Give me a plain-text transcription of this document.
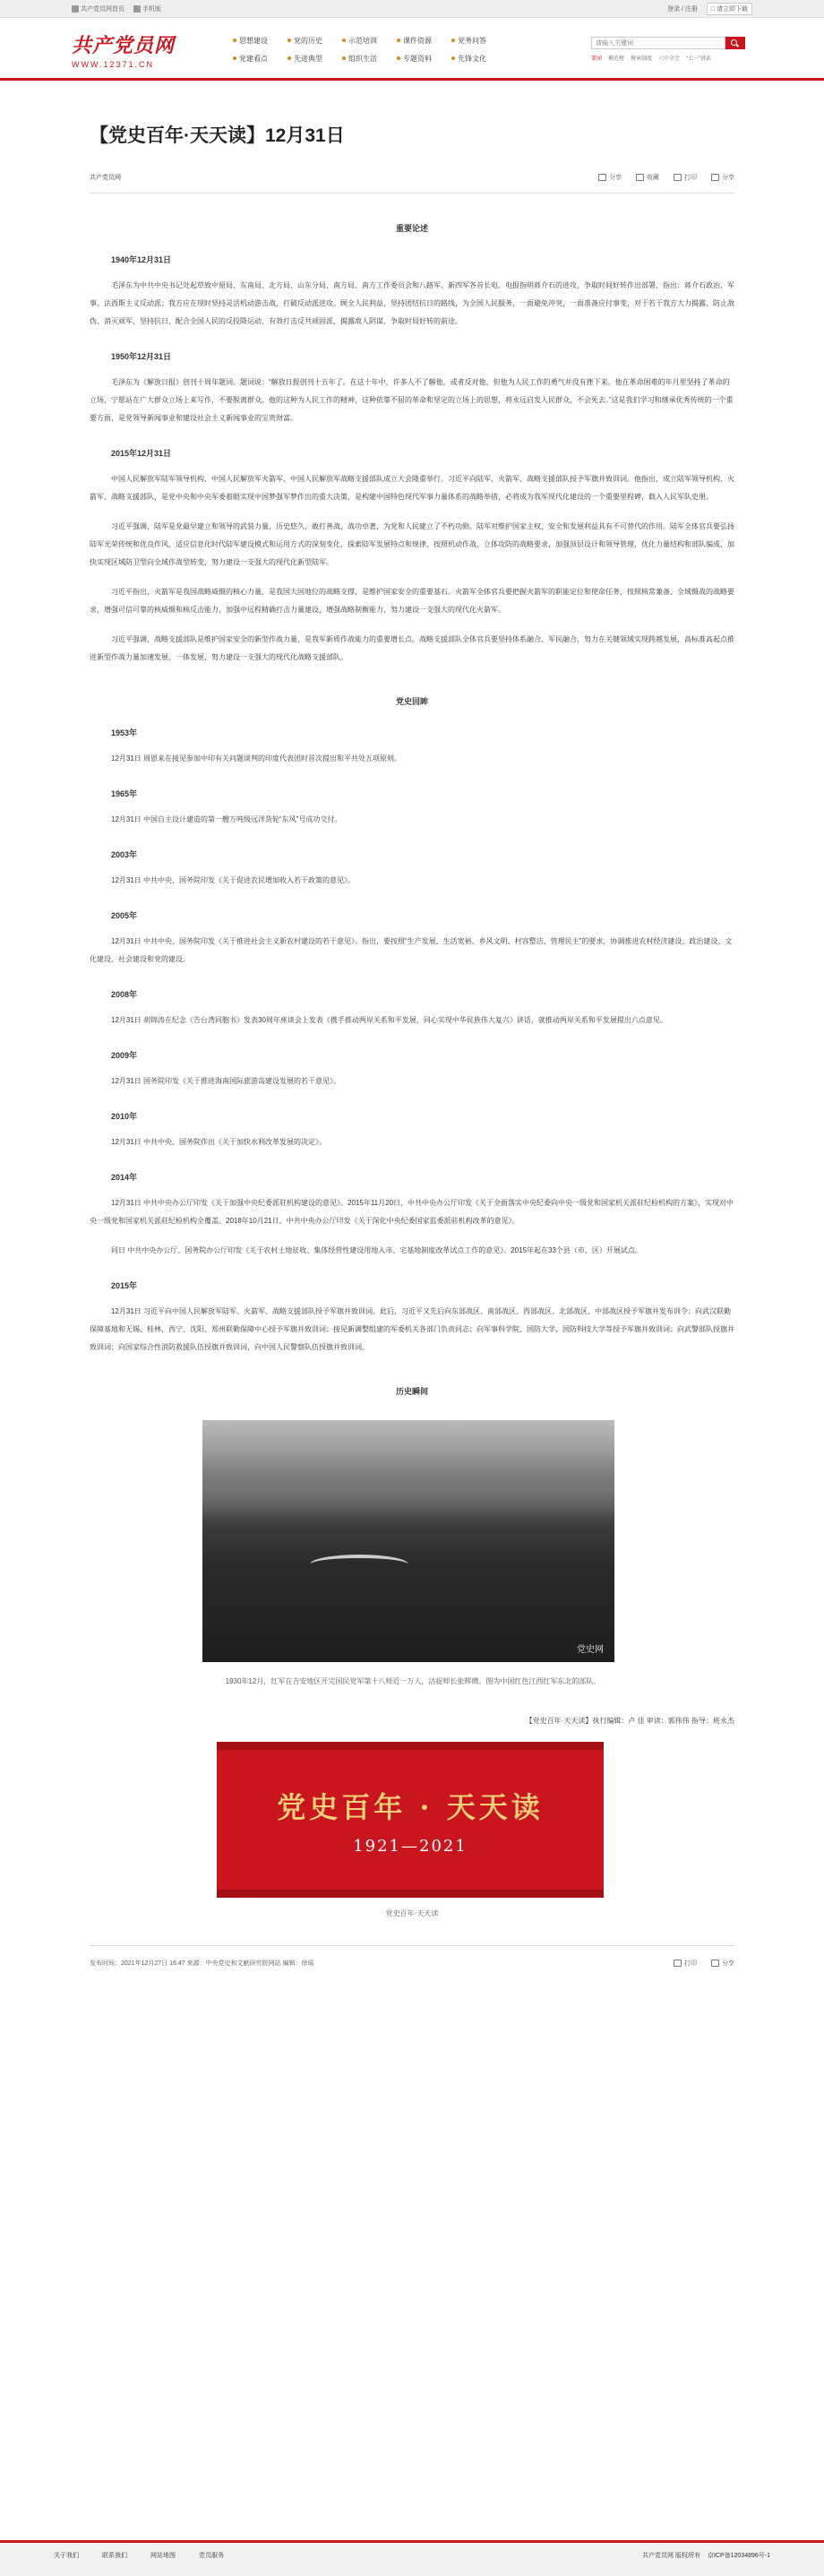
共产党员网首页	手机版	登录 / 注册	□ 请立即下载
共产党员网
WWW.12371.CN
思想建设	党的历史	示范培训	课件资源	党务问答
党建看点	先进典型	组织生活	专题资料	先锋文化
请输入关键词	要闻 模范榜 规章制度 六中全会 “七一”讲话
【党史百年·天天读】12月31日
共产党员网	分享	收藏	打印	分享
重要论述
1940年12月31日
毛泽东为中共中央书记处起草致中原局、东南局、北方局、山东分局、南方局、南方工作委员会和八路军、新四军各首长电。电报指明蒋介石的进攻，争取时间好转作出部署，指出：蒋介石政治、军事、法西斯主义反动派；我方应在现时坚持灵活机动游击战，打破反动派进攻。顾全人民利益，坚持团结抗日的路线，为全国人民服务，一面避免冲突，一面准备应付事变，对于若干我方大力揭露、防止敌伪、消灭顽军、坚持抗日、配合全国人民的反投降运动，有效打击反共顽固派，揭露敌人阴谋，争取时局好转的前途。
1950年12月31日
毛泽东为《解放日报》创刊十周年题词。题词说：“解放日报创刊十五年了。在这十年中，许多人不了解他，或者反对他，但他为人民工作的勇气并没有挫下来。他在革命困难的年月里坚持了革命的立场，宁愿站在广大群众立场上来写作，不要脱离群众。他的这种为人民工作的精神，这种依靠不屈的革命和坚定的立场上的思想，将永远启发人民群众，不会死去。”这是我们学习和继承优秀传统的一个重要方面，是党领导新闻事业和建设社会主义新闻事业的宝贵财富。
2015年12月31日
中国人民解放军陆军领导机构、中国人民解放军火箭军、中国人民解放军战略支援部队成立大会隆重举行。习近平向陆军、火箭军、战略支援部队授予军旗并致训词。他指出，成立陆军领导机构、火箭军、战略支援部队，是党中央和中央军委着眼实现中国梦强军梦作出的重大决策，是构建中国特色现代军事力量体系的战略举措，必将成为我军现代化建设的一个重要里程碑，载入人民军队史册。
习近平强调，陆军是党最早建立和领导的武装力量，历史悠久，敢打善战，战功卓著，为党和人民建立了不朽功勋。陆军对维护国家主权、安全和发展利益具有不可替代的作用。陆军全体官兵要弘扬陆军光荣传统和优良作风，适应信息化时代陆军建设模式和运用方式的深刻变化，探索陆军发展特点和规律，按照机动作战、立体攻防的战略要求，加强顶层设计和领导管理，优化力量结构和部队编成，加快实现区域防卫型向全域作战型转变，努力建设一支强大的现代化新型陆军。
习近平指出，火箭军是我国战略威慑的核心力量，是我国大国地位的战略支撑，是维护国家安全的重要基石。火箭军全体官兵要把握火箭军的职能定位和使命任务，按照核常兼备、全域慑战的战略要求，增强可信可靠的核威慑和核反击能力，加强中远程精确打击力量建设，增强战略制衡能力，努力建设一支强大的现代化火箭军。
习近平强调，战略支援部队是维护国家安全的新型作战力量，是我军新质作战能力的重要增长点。战略支援部队全体官兵要坚持体系融合、军民融合，努力在关键领域实现跨越发展，高标准高起点推进新型作战力量加速发展、一体发展，努力建设一支强大的现代化战略支援部队。
党史回眸
1953年
12月31日 周恩来在接见参加中印有关问题谈判的印度代表团时首次提出和平共处五项原则。
1965年
12月31日 中国自主设计建造的第一艘万吨级远洋货轮“东风”号成功交付。
2003年
12月31日 中共中央、国务院印发《关于促进农民增加收入若干政策的意见》。
2005年
12月31日 中共中央、国务院印发《关于推进社会主义新农村建设的若干意见》。指出，要按照“生产发展、生活宽裕、乡风文明、村容整洁、管理民主”的要求，协调推进农村经济建设、政治建设、文化建设、社会建设和党的建设。
2008年
12月31日 胡锦涛在纪念《告台湾同胞书》发表30周年座谈会上发表《携手推动两岸关系和平发展，同心实现中华民族伟大复兴》讲话，就推动两岸关系和平发展提出六点意见。
2009年
12月31日 国务院印发《关于推进海南国际旅游岛建设发展的若干意见》。
2010年
12月31日 中共中央、国务院作出《关于加快水利改革发展的决定》。
2014年
12月31日 中共中央办公厅印发《关于加强中央纪委派驻机构建设的意见》。2015年11月20日，中共中央办公厅印发《关于全面落实中央纪委向中央一级党和国家机关派驻纪检机构的方案》，实现对中央一级党和国家机关派驻纪检机构全覆盖。2018年10月21日，中共中央办公厅印发《关于深化中央纪委国家监委派驻机构改革的意见》。
同日 中共中央办公厅、国务院办公厅印发《关于农村土地征收、集体经营性建设用地入市、宅基地制度改革试点工作的意见》。2015年起在33个县（市、区）开展试点。
2015年
12月31日 习近平向中国人民解放军陆军、火箭军、战略支援部队授予军旗并致训词。此后，习近平又先后向东部战区、南部战区、西部战区、北部战区、中部战区授予军旗并发布训令；向武汉联勤保障基地和无锡、桂林、西宁、沈阳、郑州联勤保障中心授予军旗并致训词；接见新调整组建的军委机关各部门负责同志；向军事科学院、国防大学、国防科技大学等授予军旗并致训词；向武警部队授旗并致训词；向国家综合性消防救援队伍授旗并致训词，向中国人民警察队伍授旗并致训词。
历史瞬间
党史网
1930年12月，红军在吉安地区开完国民党军第十八师近一万人，活捉师长张辉瓒。图为中国红色江西红军东北的部队。
【党史百年·天天读】执行编辑：卢 佳 审读：郭伟伟 指导：班永杰
党史百年 · 天天读
1921—2021
党史百年·天天读
发布时间：2021年12月27日 16:47 来源：中央党史和文献研究院网站 编辑：徐瑶	打印	分享
关于我们	联系我们	网站地图	党员服务	共产党员网 版权所有 京ICP备12034896号-1
